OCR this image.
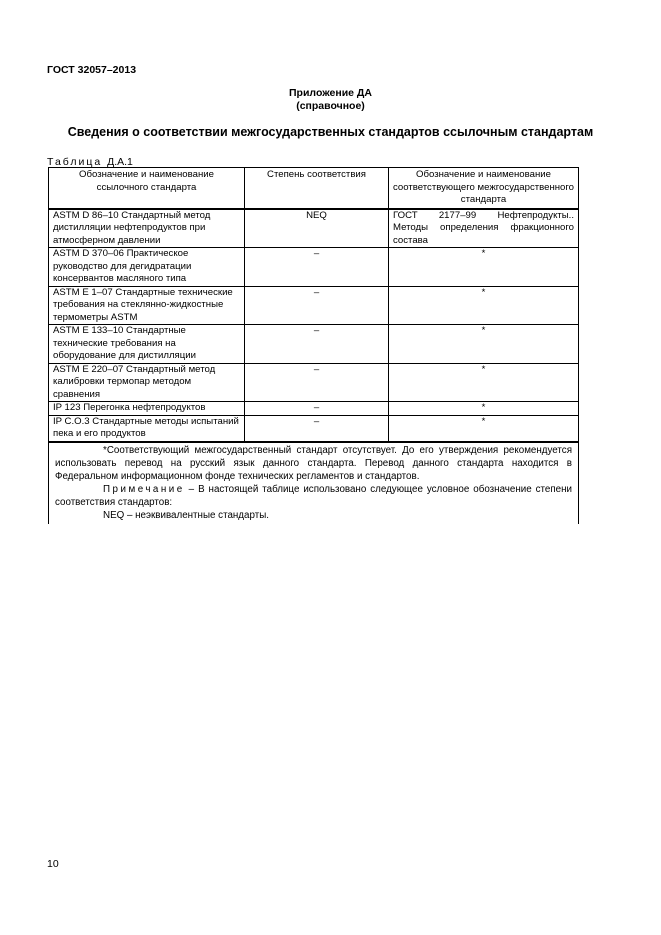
ГОСТ 32057–2013
Приложение ДА
(справочное)
Сведения о соответствии межгосударственных стандартов ссылочным стандартам
Таблица Д.А.1
Обозначение и наименование ссылочного стандарта	Степень соответствия	Обозначение и наименование соответствующего межгосударственного стандарта
ASTM D 86–10 Стандартный метод дистилляции нефтепродуктов при атмосферном давлении	NEQ	ГОСТ 2177–99 Нефтепродукты.. Методы определения фракционного состава
ASTM D 370–06 Практическое руководство для дегидратации консервантов масляного типа	–	*
ASTM E 1–07 Стандартные технические требования на стеклянно-жидкостные термометры ASTM	–	*
ASTM E 133–10 Стандартные технические требования на оборудование для дистилляции	–	*
ASTM E 220–07 Стандартный метод калибровки термопар методом сравнения	–	*
IP 123 Перегонка нефтепродуктов	–	*
IP C.O.3 Стандартные методы испытаний пека и его продуктов	–	*

*Соответствующий межгосударственный стандарт отсутствует. До его утверждения рекомендуется использовать перевод на русский язык данного стандарта. Перевод данного стандарта находится в Федеральном информационном фонде технических регламентов и стандартов.

Примечание – В настоящей таблице использовано следующее условное обозначение степени соответствия стандартов:

NEQ – неэквивалентные стандарты.		

10
